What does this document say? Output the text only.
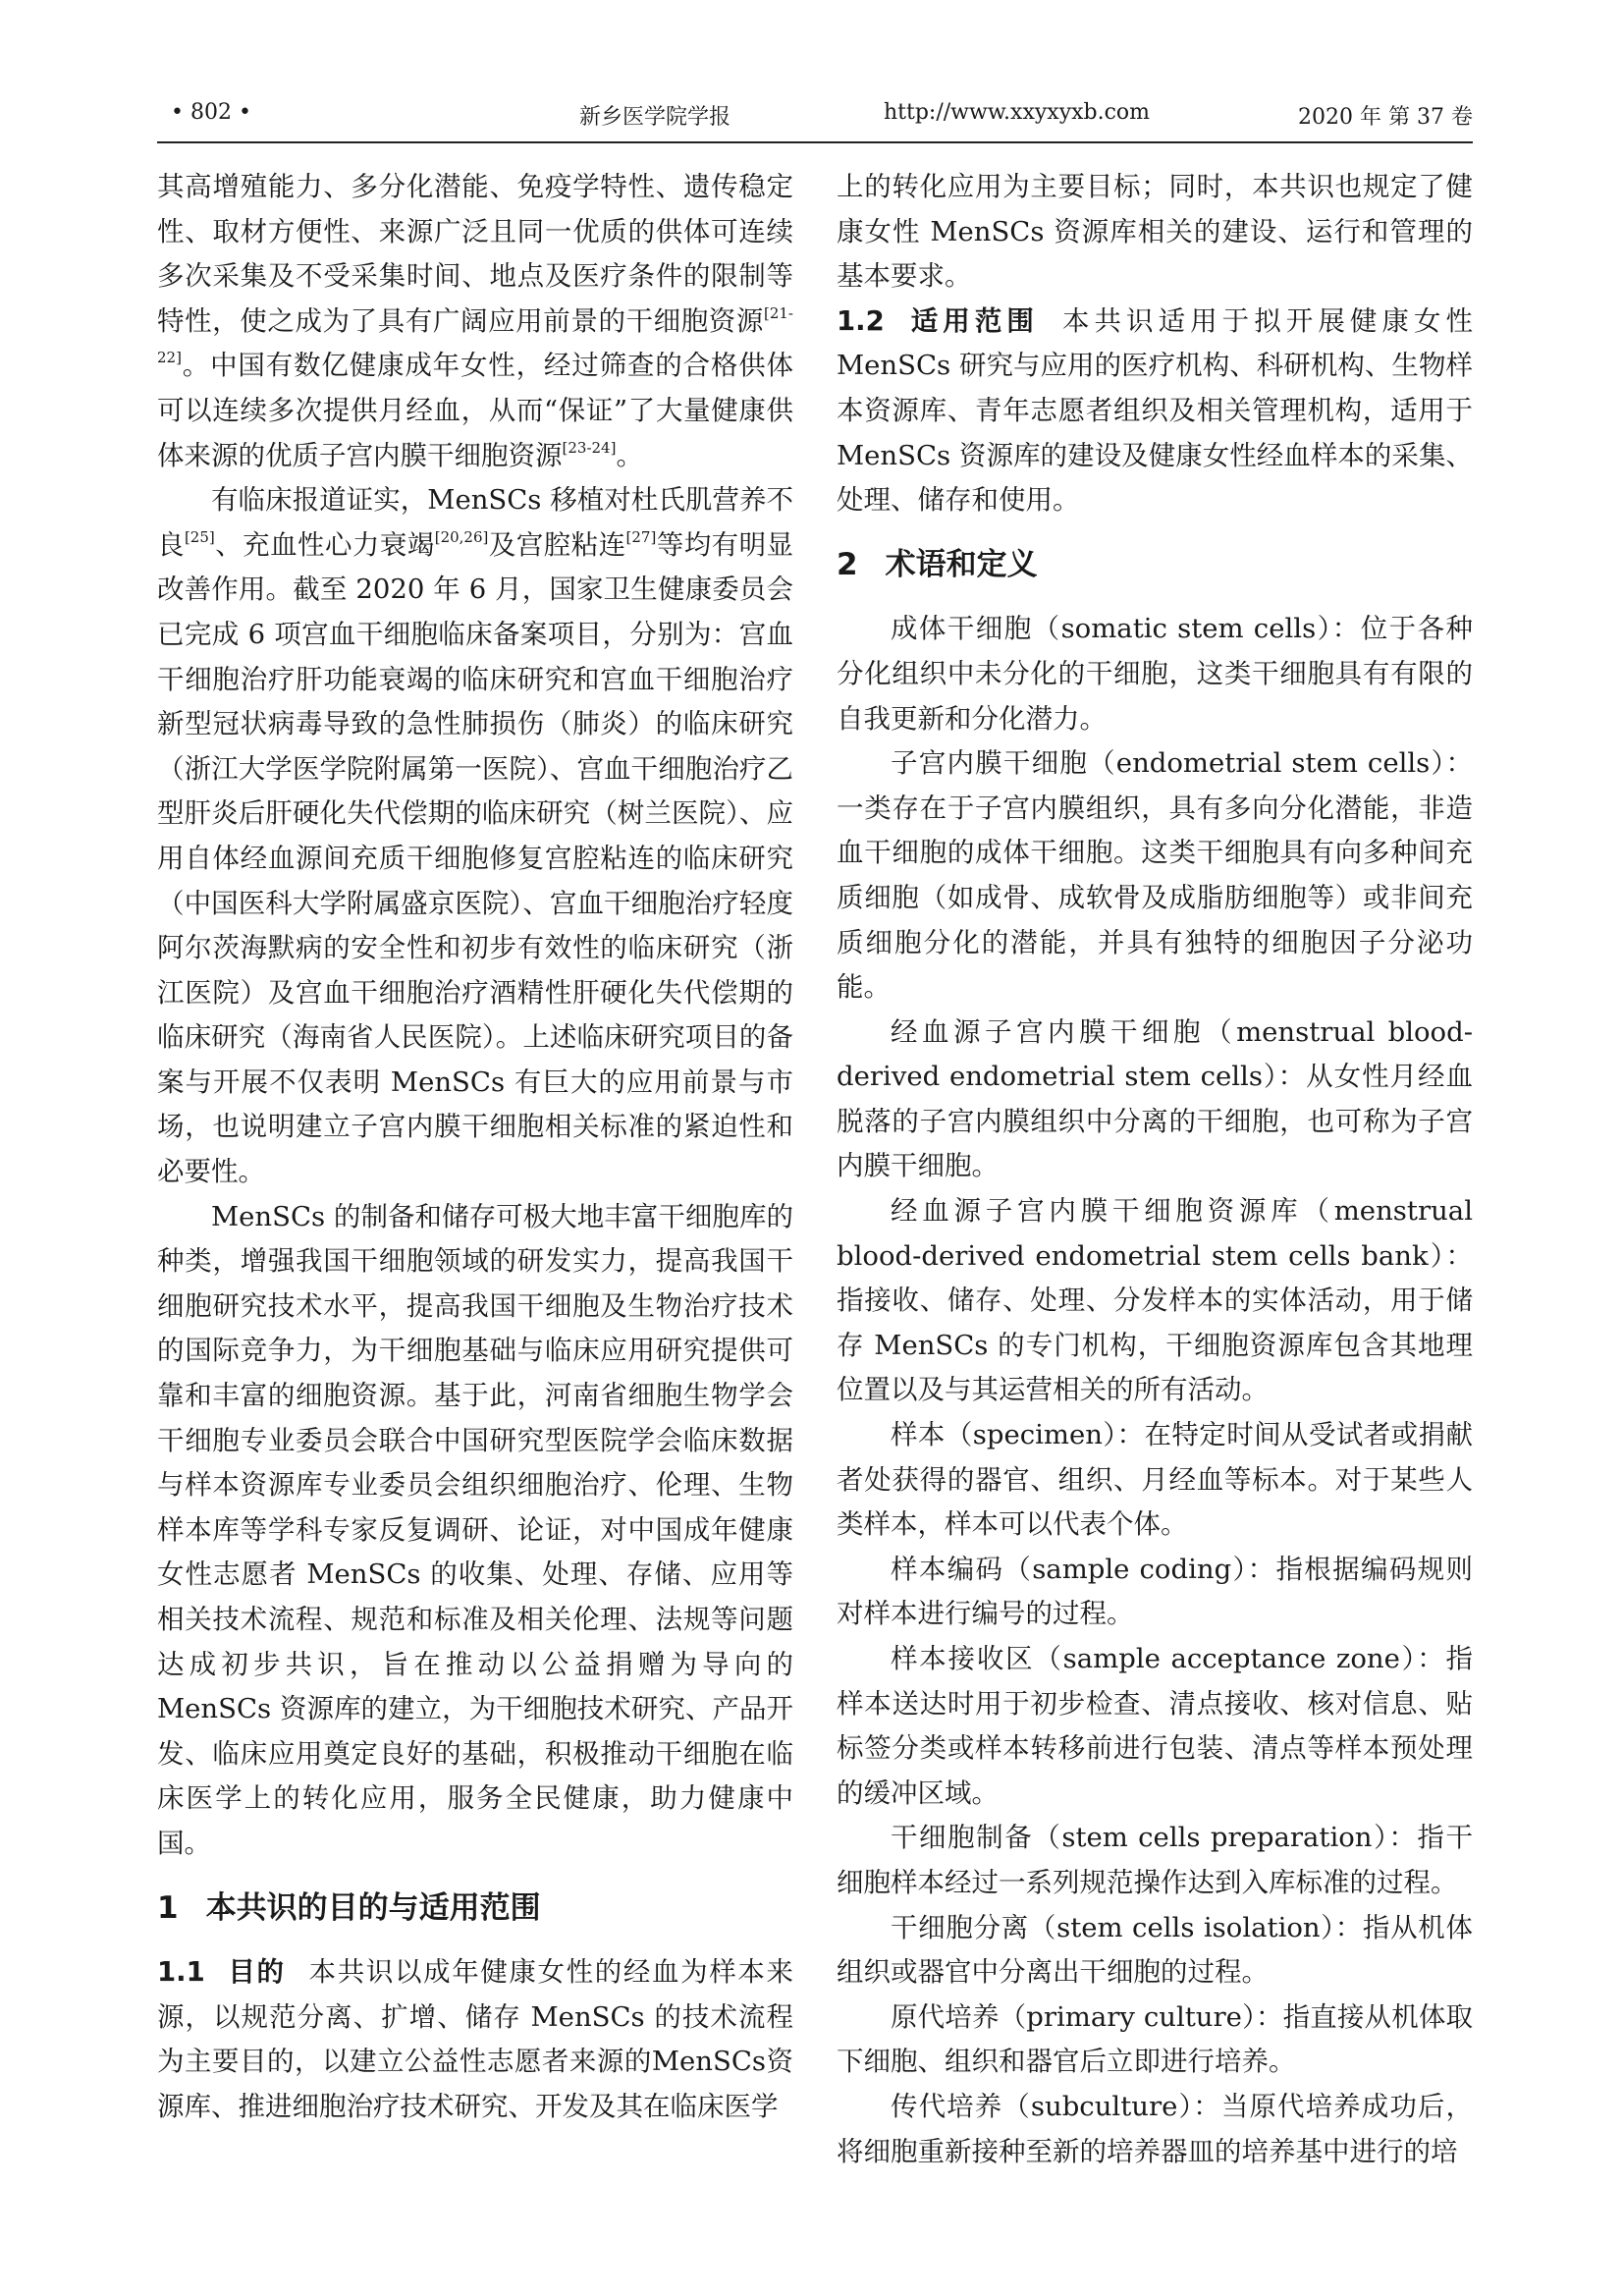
• 802 •	新乡医学院学报	http://www.xxyxyxb.com	2020 年 第 37 卷

其高增殖能力、多分化潜能、免疫学特性、遗传稳定性、取材方便性、来源广泛且同一优质的供体可连续多次采集及不受采集时间、地点及医疗条件的限制等特性，使之成为了具有广阔应用前景的干细胞资源[21-22]。中国有数亿健康成年女性，经过筛查的合格供体可以连续多次提供月经血，从而“保证”了大量健康供体来源的优质子宫内膜干细胞资源[23-24]。

有临床报道证实，MenSCs 移植对杜氏肌营养不良[25]、充血性心力衰竭[20,26]及宫腔粘连[27]等均有明显改善作用。截至 2020 年 6 月，国家卫生健康委员会已完成 6 项宫血干细胞临床备案项目，分别为：宫血干细胞治疗肝功能衰竭的临床研究和宫血干细胞治疗新型冠状病毒导致的急性肺损伤（肺炎）的临床研究（浙江大学医学院附属第一医院）、宫血干细胞治疗乙型肝炎后肝硬化失代偿期的临床研究（树兰医院）、应用自体经血源间充质干细胞修复宫腔粘连的临床研究（中国医科大学附属盛京医院）、宫血干细胞治疗轻度阿尔茨海默病的安全性和初步有效性的临床研究（浙江医院）及宫血干细胞治疗酒精性肝硬化失代偿期的临床研究（海南省人民医院）。上述临床研究项目的备案与开展不仅表明 MenSCs 有巨大的应用前景与市场，也说明建立子宫内膜干细胞相关标准的紧迫性和必要性。

MenSCs 的制备和储存可极大地丰富干细胞库的种类，增强我国干细胞领域的研发实力，提高我国干细胞研究技术水平，提高我国干细胞及生物治疗技术的国际竞争力，为干细胞基础与临床应用研究提供可靠和丰富的细胞资源。基于此，河南省细胞生物学会干细胞专业委员会联合中国研究型医院学会临床数据与样本资源库专业委员会组织细胞治疗、伦理、生物样本库等学科专家反复调研、论证，对中国成年健康女性志愿者 MenSCs 的收集、处理、存储、应用等相关技术流程、规范和标准及相关伦理、法规等问题达成初步共识，旨在推动以公益捐赠为导向的 MenSCs 资源库的建立，为干细胞技术研究、产品开发、临床应用奠定良好的基础，积极推动干细胞在临床医学上的转化应用，服务全民健康，助力健康中国。

1 本共识的目的与适用范围

1.1 目的 本共识以成年健康女性的经血为样本来源，以规范分离、扩增、储存 MenSCs 的技术流程为主要目的，以建立公益性志愿者来源的MenSCs资源库、推进细胞治疗技术研究、开发及其在临床医学

上的转化应用为主要目标；同时，本共识也规定了健康女性 MenSCs 资源库相关的建设、运行和管理的基本要求。

1.2 适用范围 本共识适用于拟开展健康女性 MenSCs 研究与应用的医疗机构、科研机构、生物样本资源库、青年志愿者组织及相关管理机构，适用于 MenSCs 资源库的建设及健康女性经血样本的采集、处理、储存和使用。

2 术语和定义

成体干细胞（somatic stem cells）：位于各种分化组织中未分化的干细胞，这类干细胞具有有限的自我更新和分化潜力。

子宫内膜干细胞（endometrial stem cells）：一类存在于子宫内膜组织，具有多向分化潜能，非造血干细胞的成体干细胞。这类干细胞具有向多种间充质细胞（如成骨、成软骨及成脂肪细胞等）或非间充质细胞分化的潜能，并具有独特的细胞因子分泌功能。

经血源子宫内膜干细胞（menstrual blood-derived endometrial stem cells）：从女性月经血脱落的子宫内膜组织中分离的干细胞，也可称为子宫内膜干细胞。

经血源子宫内膜干细胞资源库（menstrual blood-derived endometrial stem cells bank）：指接收、储存、处理、分发样本的实体活动，用于储存 MenSCs 的专门机构，干细胞资源库包含其地理位置以及与其运营相关的所有活动。

样本（specimen）：在特定时间从受试者或捐献者处获得的器官、组织、月经血等标本。对于某些人类样本，样本可以代表个体。

样本编码（sample coding）：指根据编码规则对样本进行编号的过程。

样本接收区（sample acceptance zone）：指样本送达时用于初步检查、清点接收、核对信息、贴标签分类或样本转移前进行包装、清点等样本预处理的缓冲区域。

干细胞制备（stem cells preparation）：指干细胞样本经过一系列规范操作达到入库标准的过程。

干细胞分离（stem cells isolation）：指从机体组织或器官中分离出干细胞的过程。

原代培养（primary culture）：指直接从机体取下细胞、组织和器官后立即进行培养。

传代培养（subculture）：当原代培养成功后，将细胞重新接种至新的培养器皿的培养基中进行的培
